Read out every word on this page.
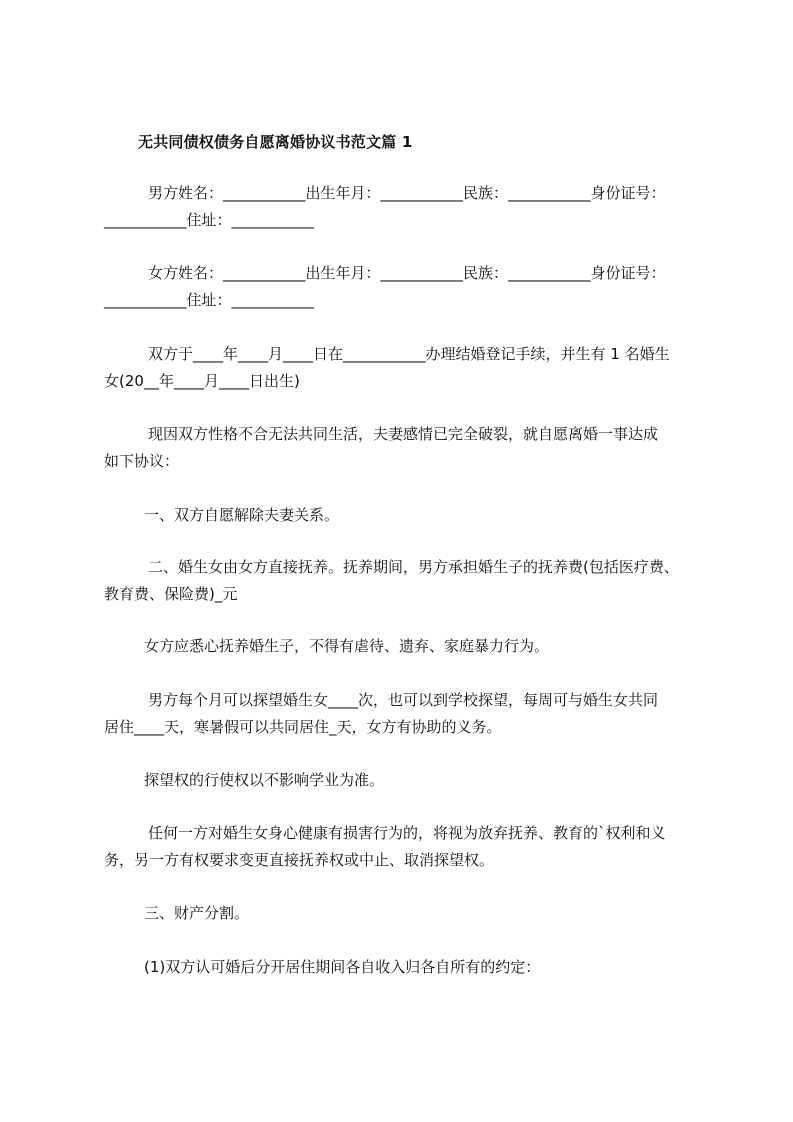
无共同债权债务自愿离婚协议书范文篇 1
男方姓名：___________出生年月：___________民族：___________身份证号：
___________住址：___________
女方姓名：___________出生年月：___________民族：___________身份证号：
___________住址：___________
双方于____年____月____日在___________办理结婚登记手续，并生有 1 名婚生
女(20__年____月____日出生)
现因双方性格不合无法共同生活，夫妻感情已完全破裂，就自愿离婚一事达成
如下协议：
一、双方自愿解除夫妻关系。
二、婚生女由女方直接抚养。抚养期间，男方承担婚生子的抚养费(包括医疗费、
教育费、保险费)_元
女方应悉心抚养婚生子，不得有虐待、遗弃、家庭暴力行为。
男方每个月可以探望婚生女____次，也可以到学校探望，每周可与婚生女共同
居住____天，寒暑假可以共同居住_天，女方有协助的义务。
探望权的行使权以不影响学业为准。
任何一方对婚生女身心健康有损害行为的，将视为放弃抚养、教育的`权利和义
务，另一方有权要求变更直接抚养权或中止、取消探望权。
三、财产分割。
(1)双方认可婚后分开居住期间各自收入归各自所有的约定：
